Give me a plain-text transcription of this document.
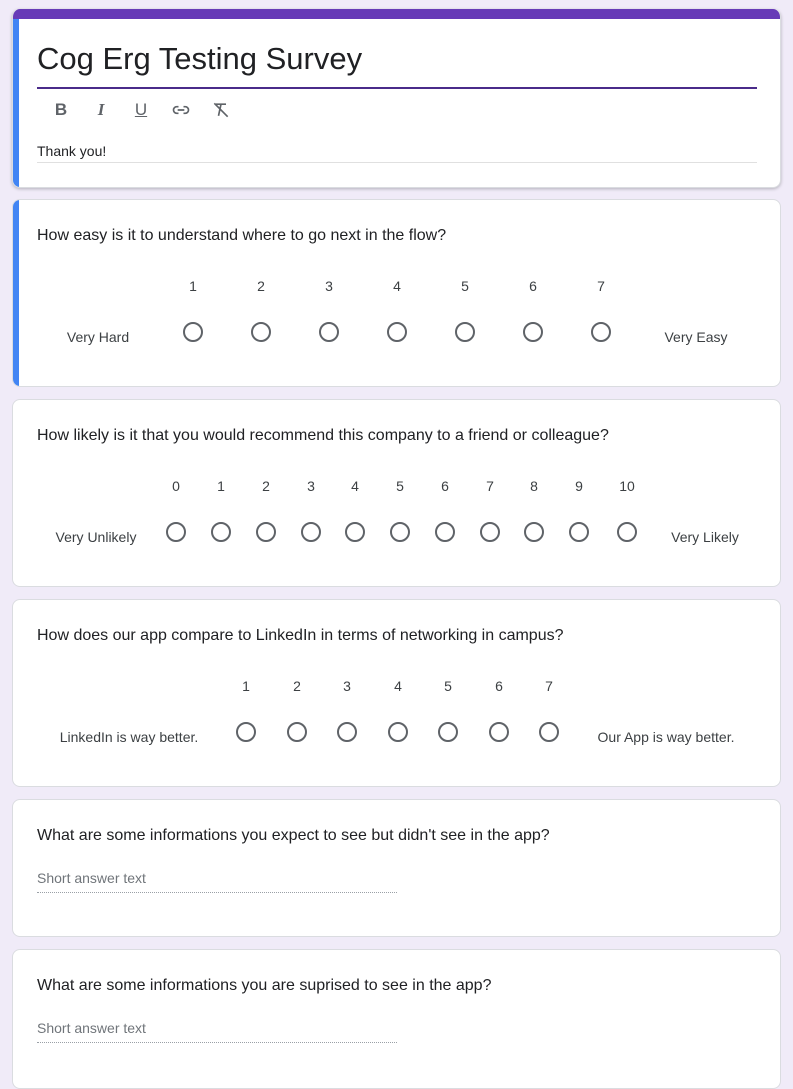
Cog Erg Testing Survey
B I U
Thank you!
How easy is it to understand where to go next in the flow?
1	2	3	4	5	6	7
Very Hard	Very Easy
How likely is it that you would recommend this company to a friend or colleague?
0	1	2	3	4	5	6	7	8	9	10
Very Unlikely	Very Likely
How does our app compare to LinkedIn in terms of networking in campus?
1	2	3	4	5	6	7
LinkedIn is way better.	Our App is way better.
What are some informations you expect to see but didn't see in the app?
Short answer text
What are some informations you are suprised to see in the app?
Short answer text
